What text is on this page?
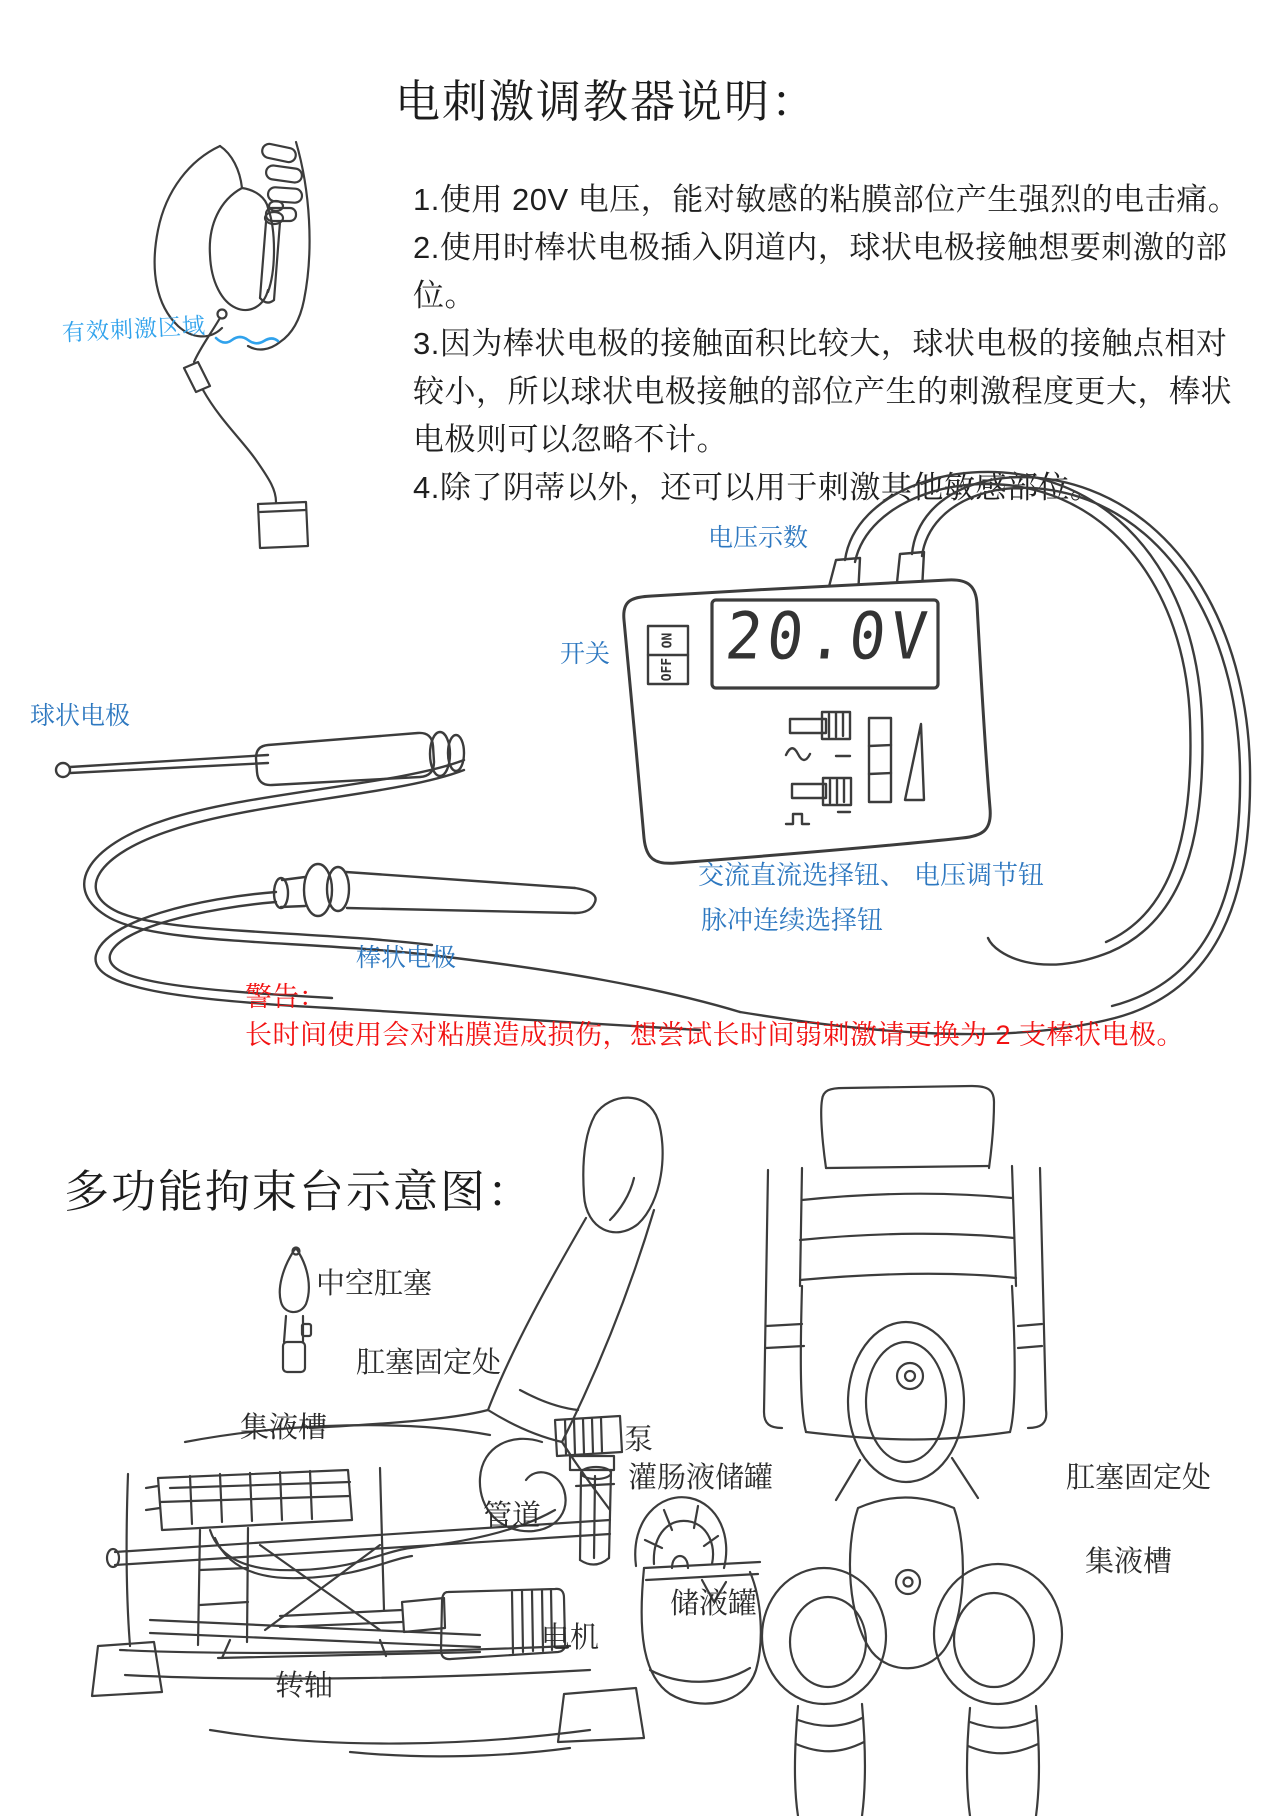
电刺激调教器说明：
1.使用 20V 电压，能对敏感的粘膜部位产生强烈的电击痛。
2.使用时棒状电极插入阴道内，球状电极接触想要刺激的部位。
3.因为棒状电极的接触面积比较大，球状电极的接触点相对
较小，所以球状电极接触的部位产生的刺激程度更大，棒状
电极则可以忽略不计。
4.除了阴蒂以外，还可以用于刺激其他敏感部位。
有效刺激区域
20.0V
ON
OFF
电压示数
开关
球状电极
棒状电极
交流直流选择钮、
脉冲连续选择钮
电压调节钮
警告：
长时间使用会对粘膜造成损伤，想尝试长时间弱刺激请更换为 2 支棒状电极。
多功能拘束台示意图：
中空肛塞
肛塞固定处
集液槽	泵
灌肠液储罐
管道
储液罐
电机
转轴
肛塞固定处
集液槽
